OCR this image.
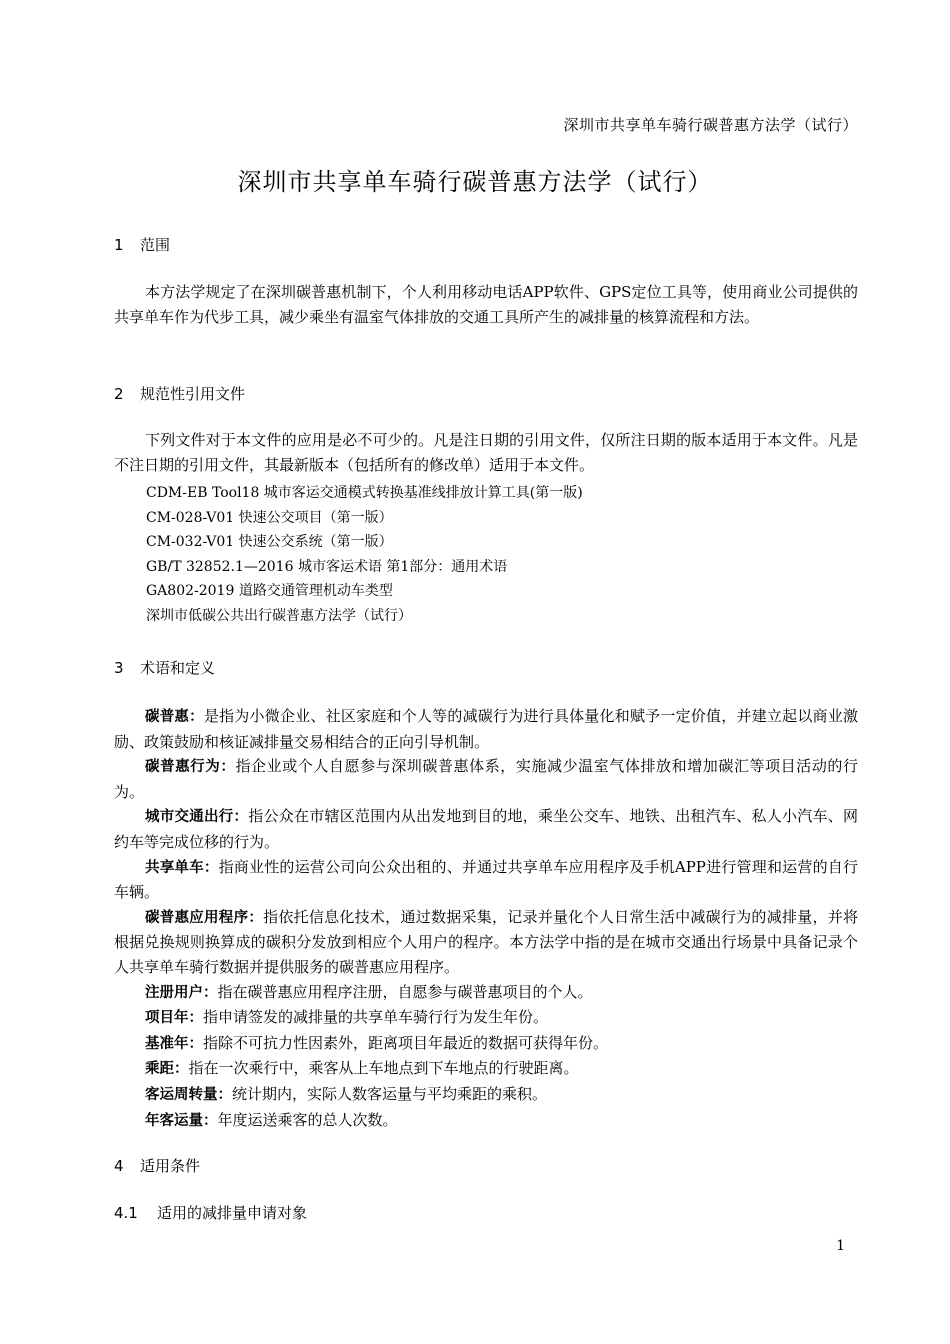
深圳市共享单车骑行碳普惠方法学（试行）
深圳市共享单车骑行碳普惠方法学（试行）
1 范围

本方法学规定了在深圳碳普惠机制下，个人利用移动电话APP软件、GPS定位工具等，使用商业公司提供的共享单车作为代步工具，减少乘坐有温室气体排放的交通工具所产生的减排量的核算流程和方法。

2 规范性引用文件

下列文件对于本文件的应用是必不可少的。凡是注日期的引用文件，仅所注日期的版本适用于本文件。凡是不注日期的引用文件，其最新版本（包括所有的修改单）适用于本文件。

CDM-EB Tool18 城市客运交通模式转换基准线排放计算工具(第一版)
CM-028-V01 快速公交项目（第一版）
CM-032-V01 快速公交系统（第一版）
GB/T 32852.1—2016 城市客运术语 第1部分：通用术语
GA802-2019 道路交通管理机动车类型
深圳市低碳公共出行碳普惠方法学（试行）
3 术语和定义

碳普惠：是指为小微企业、社区家庭和个人等的减碳行为进行具体量化和赋予一定价值，并建立起以商业激励、政策鼓励和核证减排量交易相结合的正向引导机制。

碳普惠行为：指企业或个人自愿参与深圳碳普惠体系，实施减少温室气体排放和增加碳汇等项目活动的行为。

城市交通出行：指公众在市辖区范围内从出发地到目的地，乘坐公交车、地铁、出租汽车、私人小汽车、网约车等完成位移的行为。

共享单车：指商业性的运营公司向公众出租的、并通过共享单车应用程序及手机APP进行管理和运营的自行车辆。

碳普惠应用程序：指依托信息化技术，通过数据采集，记录并量化个人日常生活中减碳行为的减排量，并将根据兑换规则换算成的碳积分发放到相应个人用户的程序。本方法学中指的是在城市交通出行场景中具备记录个人共享单车骑行数据并提供服务的碳普惠应用程序。

注册用户：指在碳普惠应用程序注册，自愿参与碳普惠项目的个人。

项目年：指申请签发的减排量的共享单车骑行行为发生年份。

基准年：指除不可抗力性因素外，距离项目年最近的数据可获得年份。

乘距：指在一次乘行中，乘客从上车地点到下车地点的行驶距离。

客运周转量：统计期内，实际人数客运量与平均乘距的乘积。

年客运量：年度运送乘客的总人次数。

4 适用条件
4.1 适用的减排量申请对象
1
